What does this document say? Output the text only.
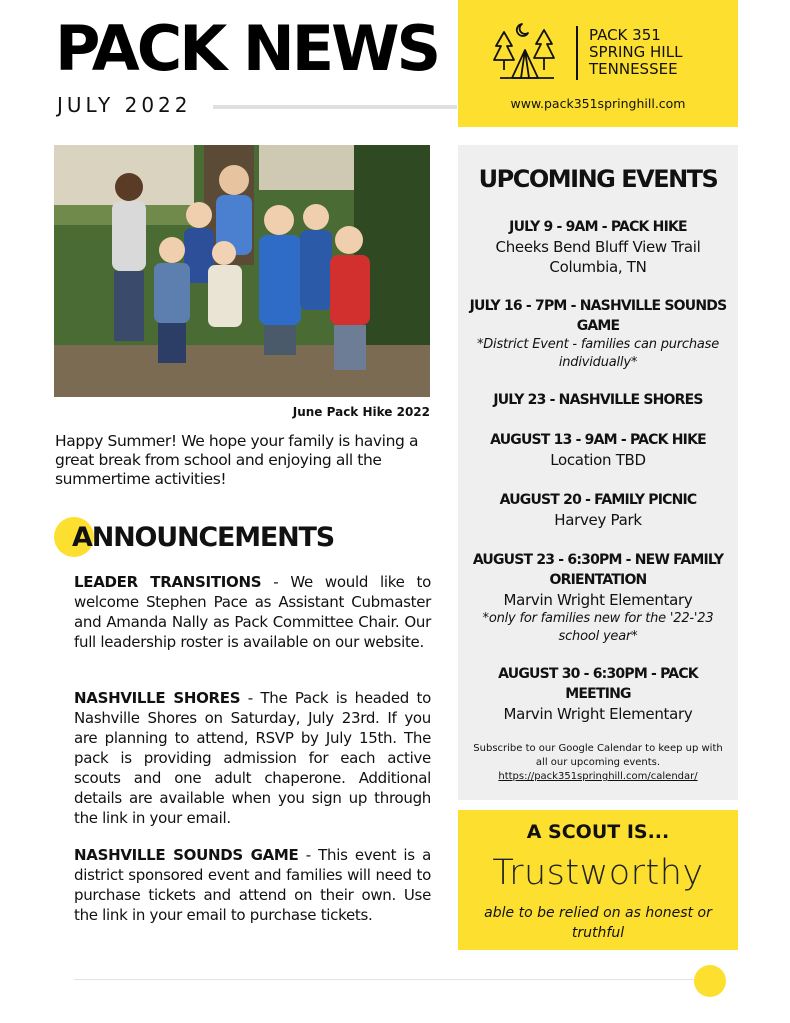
PACK NEWS
JULY 2022
PACK 351
SPRING HILL
TENNESSEE
www.pack351springhill.com
June Pack Hike 2022
Happy Summer! We hope your family is having a great break from school and enjoying all the summertime activities!
ANNOUNCEMENTS
LEADER TRANSITIONS - We would like to welcome Stephen Pace as Assistant Cubmaster and Amanda Nally as Pack Committee Chair. Our full leadership roster is available on our website.
NASHVILLE SHORES - The Pack is headed to Nashville Shores on Saturday, July 23rd. If you are planning to attend, RSVP by July 15th. The pack is providing admission for each active scouts and one adult chaperone. Additional details are available when you sign up through the link in your email.
NASHVILLE SOUNDS GAME - This event is a district sponsored event and families will need to purchase tickets and attend on their own. Use the link in your email to purchase tickets.
UPCOMING EVENTS
JULY 9 - 9AM - PACK HIKE
Cheeks Bend Bluff View Trail
Columbia, TN
JULY 16 - 7PM - NASHVILLE SOUNDS GAME
*District Event - families can purchase individually*
JULY 23 - NASHVILLE SHORES
AUGUST 13 - 9AM - PACK HIKE
Location TBD
AUGUST 20 - FAMILY PICNIC
Harvey Park
AUGUST 23 - 6:30PM - NEW FAMILY ORIENTATION
Marvin Wright Elementary
*only for families new for the '22-'23 school year*
AUGUST 30 - 6:30PM - PACK MEETING
Marvin Wright Elementary
Subscribe to our Google Calendar to keep up with all our upcoming events.
https://pack351springhill.com/calendar/
A SCOUT IS...
Trustworthy
able to be relied on as honest or truthful
